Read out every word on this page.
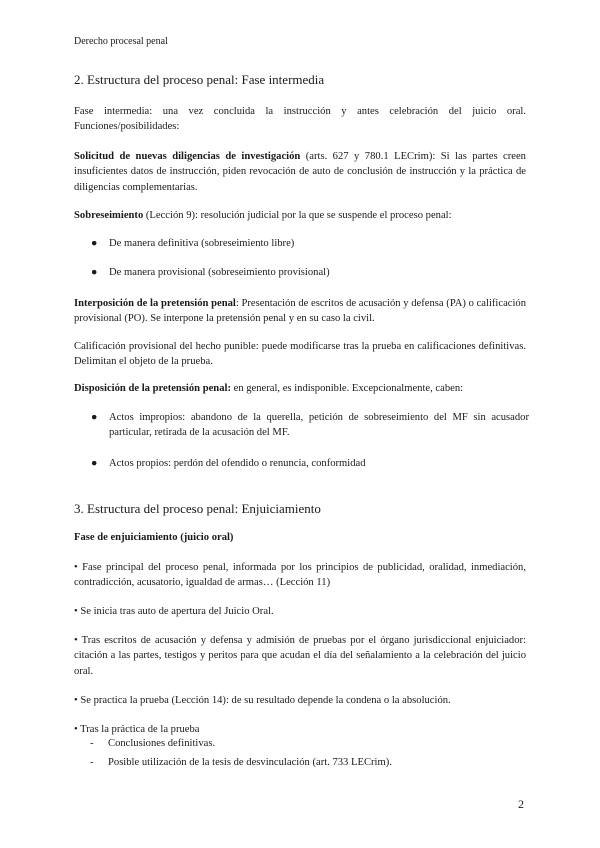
Derecho procesal penal
2. Estructura del proceso penal: Fase intermedia
Fase intermedia: una vez concluida la instrucción y antes celebración del juicio oral. Funciones/posibilidades:
Solicitud de nuevas diligencias de investigación (arts. 627 y 780.1 LECrim): Si las partes creen insuficientes datos de instrucción, piden revocación de auto de conclusión de instrucción y la práctica de diligencias complementarias.
Sobreseimiento (Lección 9): resolución judicial por la que se suspende el proceso penal:
● De manera definitiva (sobreseimiento libre)
● De manera provisional (sobreseimiento provisional)
Interposición de la pretensión penal: Presentación de escritos de acusación y defensa (PA) o calificación provisional (PO). Se interpone la pretensión penal y en su caso la civil.
Calificación provisional del hecho punible: puede modificarse tras la prueba en calificaciones definitivas. Delimitan el objeto de la prueba.
Disposición de la pretensión penal: en general, es indisponible. Excepcionalmente, caben:
● Actos impropios: abandono de la querella, petición de sobreseimiento del MF sin acusador particular, retirada de la acusación del MF.
● Actos propios: perdón del ofendido o renuncia, conformidad
3. Estructura del proceso penal: Enjuiciamiento
Fase de enjuiciamiento (juicio oral)
• Fase principal del proceso penal, informada por los principios de publicidad, oralidad, inmediación, contradicción, acusatorio, igualdad de armas… (Lección 11)
• Se inicia tras auto de apertura del Juicio Oral.
• Tras escritos de acusación y defensa y admisión de pruebas por el órgano jurisdiccional enjuiciador: citación a las partes, testigos y peritos para que acudan el día del señalamiento a la celebración del juicio oral.
• Se practica la prueba (Lección 14): de su resultado depende la condena o la absolución.
• Tras la práctica de la prueba
- Conclusiones definitivas.
- Posible utilización de la tesis de desvinculación (art. 733 LECrim).
2
